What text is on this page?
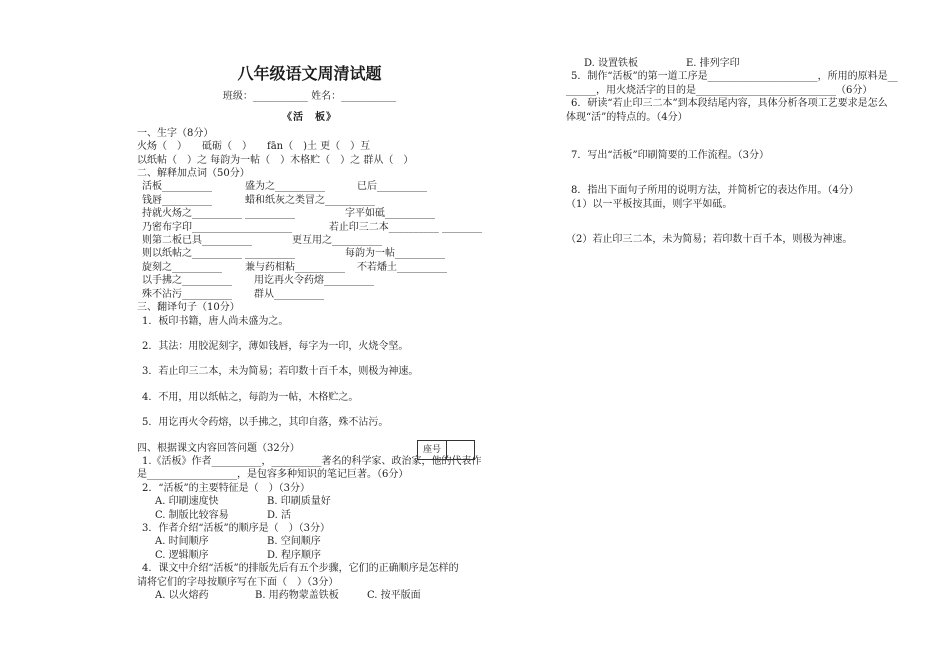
八年级语文周清试题
班级：___________ 姓名：___________
《活　板》
一、生字（8分）
火炀（　）　　砥砺（　）　　fān（　)土 更（　）互
以纸帖（　）之 每韵为一帖（　）木格贮（　）之 群从（　）
二、解释加点词（50分）
活板__________	盛为之__________	已后__________
钱唇__________	蜡和纸灰之类冒之__________
持就火炀之__________ __________	字平如砥__________
乃密布字印__________ __________	若止印三二本__________ ________
则第二板已具__________	更互用之__________
则以纸帖之__________ __________	每韵为一帖__________
旋刻之__________	兼与药相粘__________	不若燔土__________
以手拂之__________	用讫再火令药熔__________
殊不沾污__________	群从__________
三、翻译句子（10分）
1．板印书籍，唐人尚未盛为之。
2．其法：用胶泥刻字，薄如钱唇，每字为一印，火烧令坚。
3．若止印三二本，未为简易；若印数十百千本，则极为神速。
4．不用，用以纸帖之，每韵为一帖，木格贮之。
5．用讫再火令药熔，以手拂之，其印自落，殊不沾污。
四、根据课文内容回答问题（32分）
1.《活板》作者__________，__________著名的科学家、政治家，他的代表作
是__________________，是包容多种知识的笔记巨著。（6分）
2．“活板”的主要特征是（　）（3分）
A. 印刷速度快	B. 印刷质量好
C. 制版比较容易	D. 活
3．作者介绍“活板”的顺序是（　）（3分）
A. 时间顺序	B. 空间顺序
C. 逻辑顺序	D. 程序顺序
4．课文中介绍“活板”的排版先后有五个步骤，它们的正确顺序是怎样的
请将它们的字母按顺序写在下面（　）（3分）
A. 以火熔药	B. 用药物蒙盖铁板	C. 按平版面
座号
D. 设置铁板	E. 排列字印
5．制作“活板”的第一道工序是______________________，所用的原料是__
______，用火烧活字的目的是____________________________（6分）
6．研读“若止印三二本”到本段结尾内容，具体分析各项工艺要求是怎么
体现“活”的特点的。（4分）
7．写出“活板”印刷简要的工作流程。（3分）
8．指出下面句子所用的说明方法，并简析它的表达作用。（4分）
（1）以一平板按其面，则字平如砥。
（2）若止印三二本，未为简易；若印数十百千本，则极为神速。
